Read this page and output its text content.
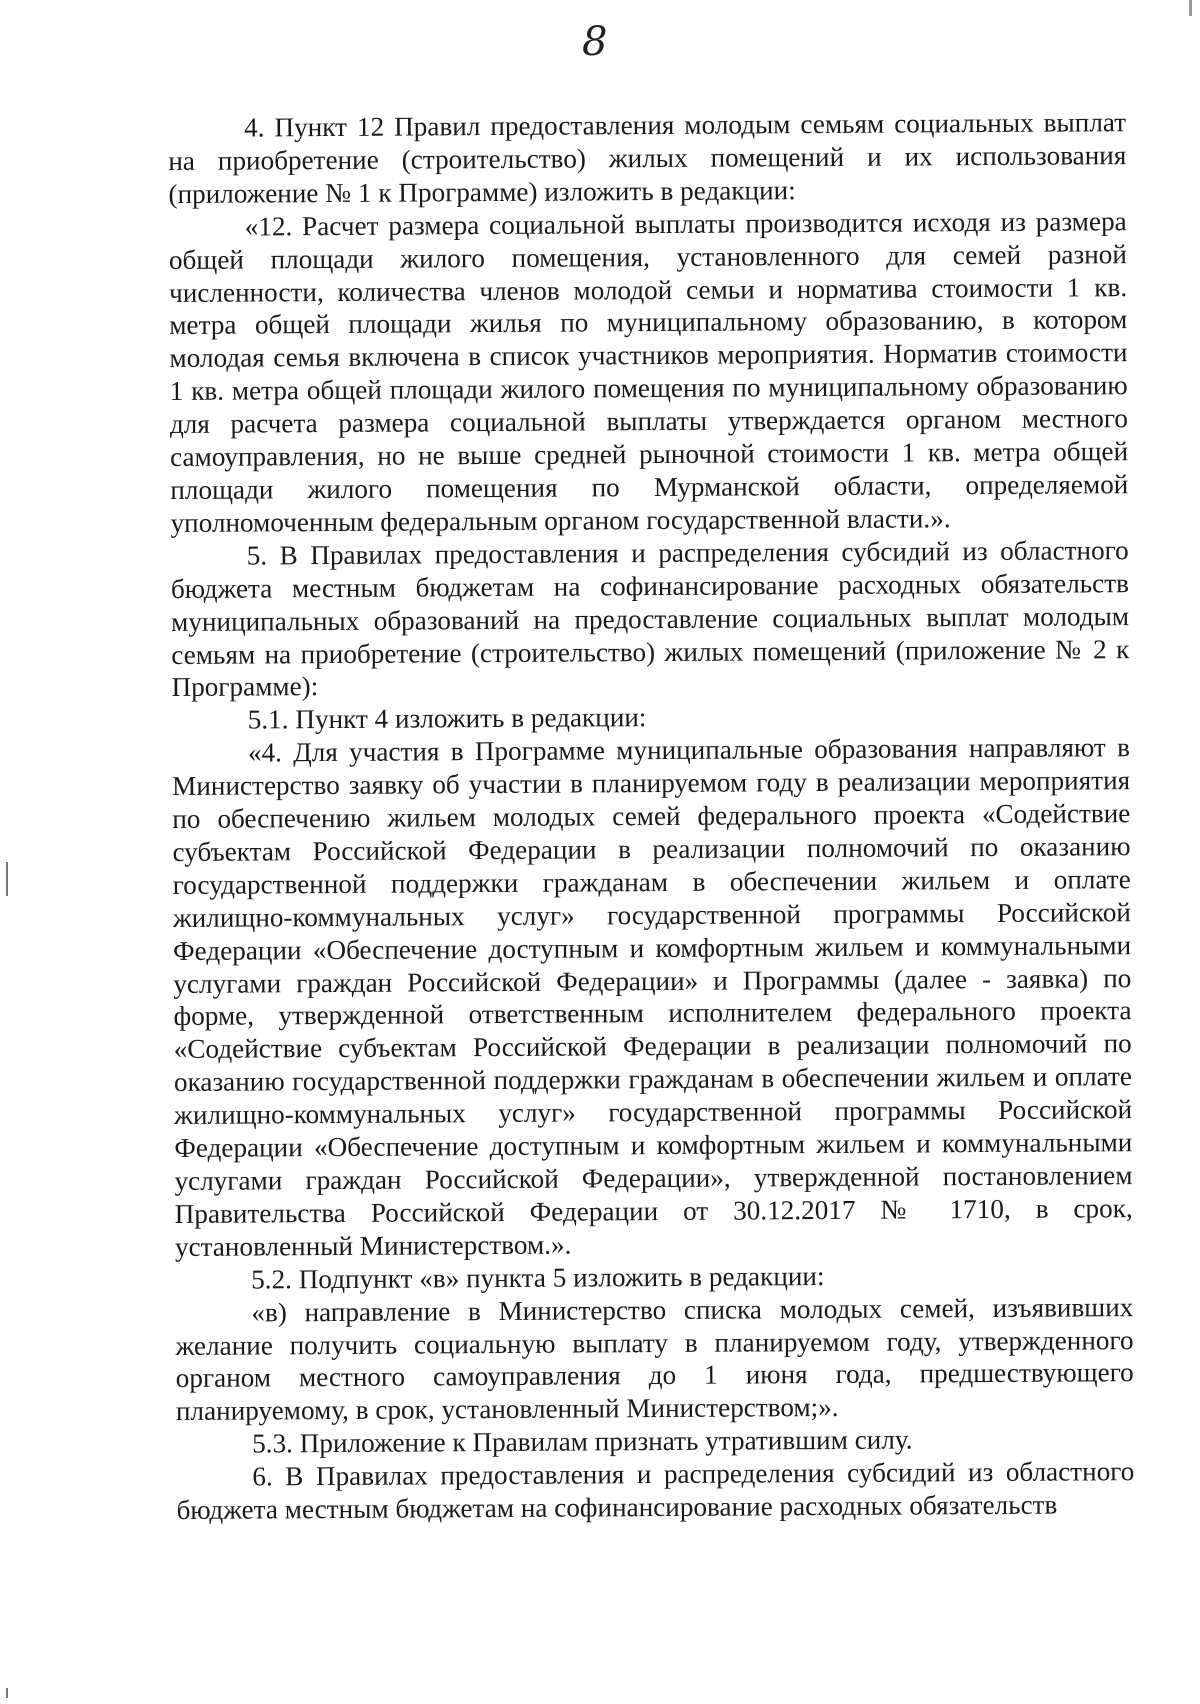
8

4. Пункт 12 Правил предоставления молодым семьям социальных выплат на приобретение (строительство) жилых помещений и их использования (приложение № 1 к Программе) изложить в редакции:

«12. Расчет размера социальной выплаты производится исходя из размера общей площади жилого помещения, установленного для семей разной численности, количества членов молодой семьи и норматива стоимости 1 кв. метра общей площади жилья по муниципальному образованию, в котором молодая семья включена в список участников мероприятия. Норматив стоимости 1 кв. метра общей площади жилого помещения по муниципальному образованию для расчета размера социальной выплаты утверждается органом местного самоуправления, но не выше средней рыночной стоимости 1 кв. метра общей площади жилого помещения по Мурманской области, определяемой уполномоченным федеральным органом государственной власти.».

5. В Правилах предоставления и распределения субсидий из областного бюджета местным бюджетам на софинансирование расходных обязательств муниципальных образований на предоставление социальных выплат молодым семьям на приобретение (строительство) жилых помещений (приложение № 2 к Программе):

5.1. Пункт 4 изложить в редакции:

«4. Для участия в Программе муниципальные образования направляют в Министерство заявку об участии в планируемом году в реализации мероприятия по обеспечению жильем молодых семей федерального проекта «Содействие субъектам Российской Федерации в реализации полномочий по оказанию государственной поддержки гражданам в обеспечении жильем и оплате жилищно-коммунальных услуг» государственной программы Российской Федерации «Обеспечение доступным и комфортным жильем и коммунальными услугами граждан Российской Федерации» и Программы (далее - заявка) по форме, утвержденной ответственным исполнителем федерального проекта «Содействие субъектам Российской Федерации в реализации полномочий по оказанию государственной поддержки гражданам в обеспечении жильем и оплате жилищно-коммунальных услуг» государственной программы Российской Федерации «Обеспечение доступным и комфортным жильем и коммунальными услугами граждан Российской Федерации», утвержденной постановлением Правительства Российской Федерации от 30.12.2017 № 1710, в срок, установленный Министерством.».

5.2. Подпункт «в» пункта 5 изложить в редакции:

«в) направление в Министерство списка молодых семей, изъявивших желание получить социальную выплату в планируемом году, утвержденного органом местного самоуправления до 1 июня года, предшествующего планируемому, в срок, установленный Министерством;».

5.3. Приложение к Правилам признать утратившим силу.

6. В Правилах предоставления и распределения субсидий из областного бюджета местным бюджетам на софинансирование расходных обязательств
